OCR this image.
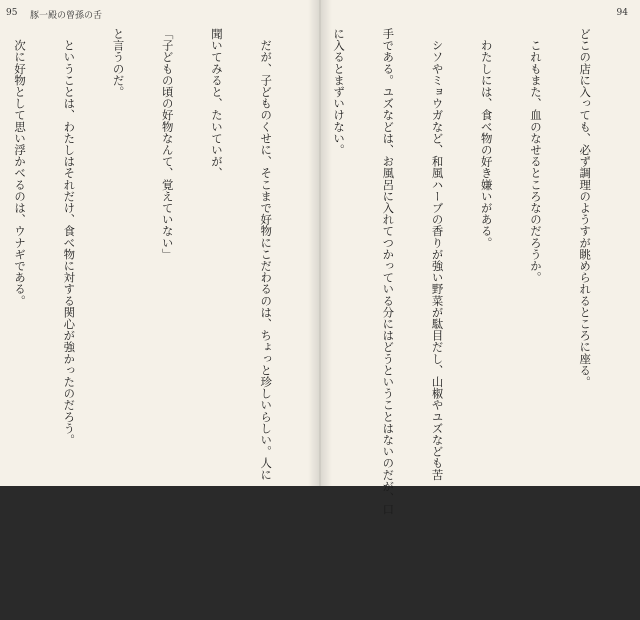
94

どこの店に入っても、必ず調理のようすが眺められるところに座る。

　これもまた、血のなせるところなのだろうか。

　わたしには、食べ物の好き嫌いがある。

　シソやミョウガなど、和風ハーブの香りが強い野菜が駄目だし、山椒やユズなども苦

手である。ユズなどは、お風呂に入れてつかっている分にはどうということはないのだが、口

に入るとまずいけない。

95 豚一殿の曾孫の舌

　だが、子どものくせに、そこまで好物にこだわるのは、ちょっと珍しいらしい。人に

聞いてみると、たいていが、

「子どもの頃の好物なんて、覚えていない」

と言うのだ。

　ということは、わたしはそれだけ、食べ物に対する関心が強かったのだろう。

　次に好物として思い浮かべるのは、ウナギである。
